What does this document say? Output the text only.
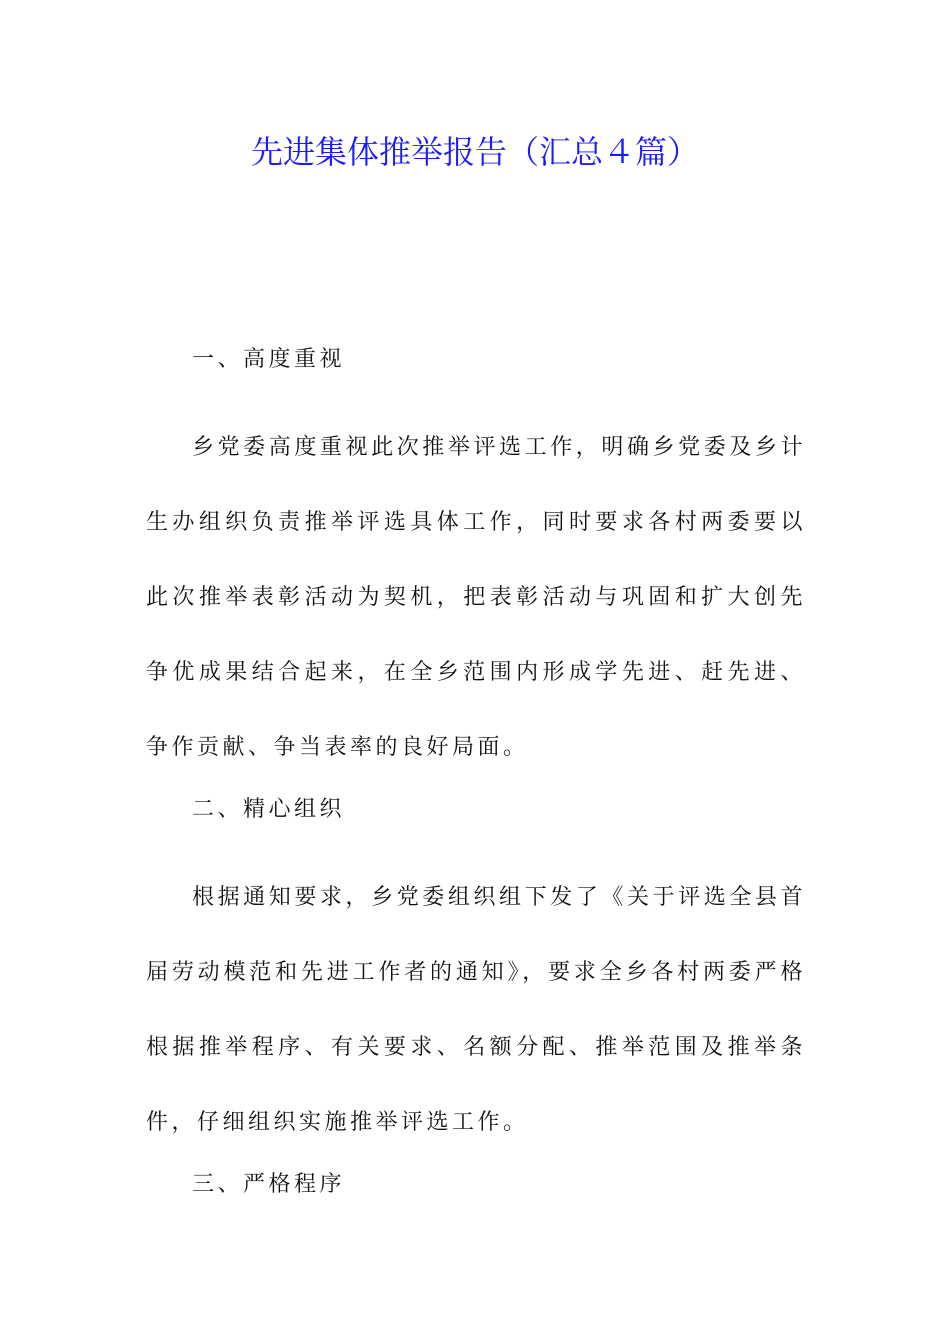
先进集体推举报告（汇总４篇）

一、高度重视

乡党委高度重视此次推举评选工作，明确乡党委及乡计生办组织负责推举评选具体工作，同时要求各村两委要以此次推举表彰活动为契机，把表彰活动与巩固和扩大创先争优成果结合起来，在全乡范围内形成学先进、赶先进、争作贡献、争当表率的良好局面。

二、精心组织

根据通知要求，乡党委组织组下发了《关于评选全县首届劳动模范和先进工作者的通知》，要求全乡各村两委严格根据推举程序、有关要求、名额分配、推举范围及推举条件，仔细组织实施推举评选工作。

三、严格程序
